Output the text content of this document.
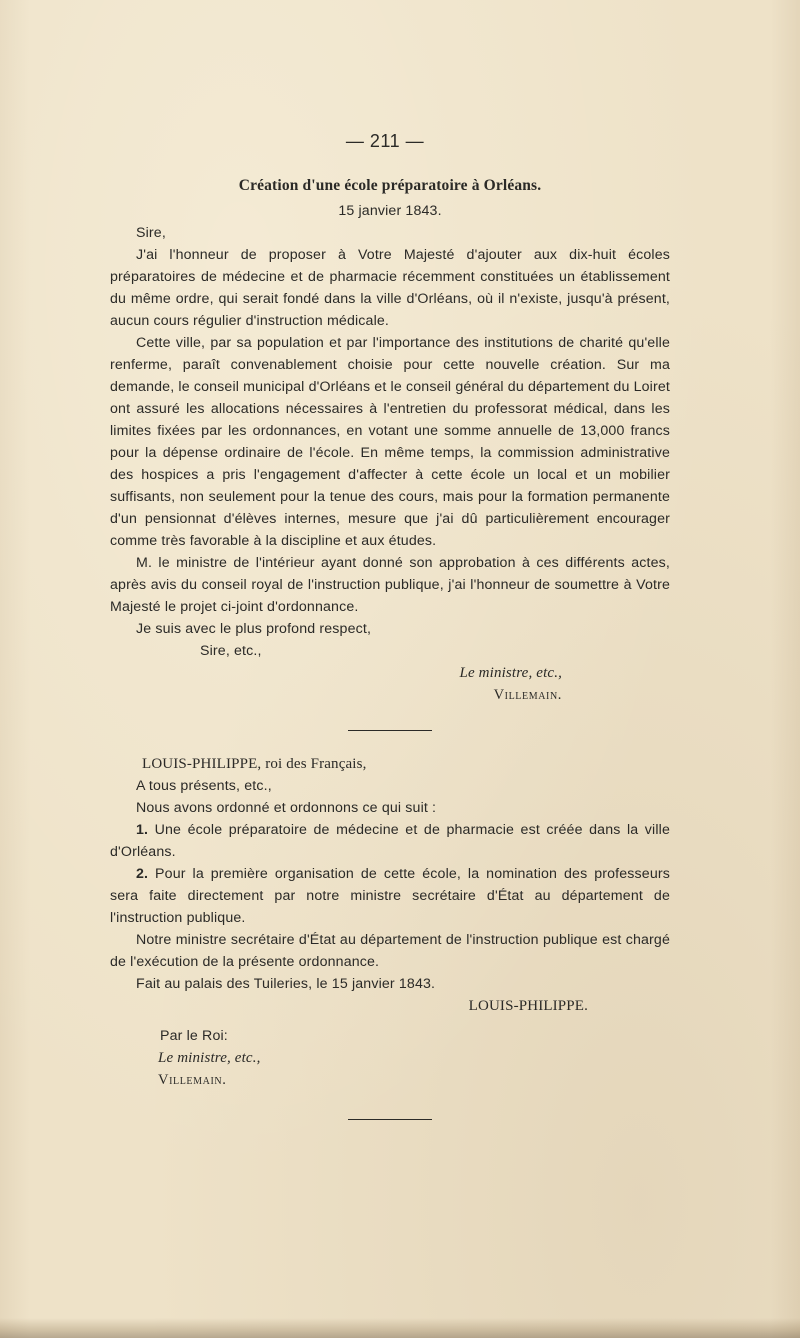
— 211 —
Création d'une école préparatoire à Orléans.
15 janvier 1843.

Sire,

J'ai l'honneur de proposer à Votre Majesté d'ajouter aux dix-huit écoles préparatoires de médecine et de pharmacie récemment constituées un établissement du même ordre, qui serait fondé dans la ville d'Orléans, où il n'existe, jusqu'à présent, aucun cours régulier d'instruction médicale.

Cette ville, par sa population et par l'importance des institutions de charité qu'elle renferme, paraît convenablement choisie pour cette nouvelle création. Sur ma demande, le conseil municipal d'Orléans et le conseil général du département du Loiret ont assuré les allocations nécessaires à l'entretien du professorat médical, dans les limites fixées par les ordonnances, en votant une somme annuelle de 13,000 francs pour la dépense ordinaire de l'école. En même temps, la commission administrative des hospices a pris l'engagement d'affecter à cette école un local et un mobilier suffisants, non seulement pour la tenue des cours, mais pour la formation permanente d'un pensionnat d'élèves internes, mesure que j'ai dû particulièrement encourager comme très favorable à la discipline et aux études.

M. le ministre de l'intérieur ayant donné son approbation à ces différents actes, après avis du conseil royal de l'instruction publique, j'ai l'honneur de soumettre à Votre Majesté le projet ci-joint d'ordonnance.

Je suis avec le plus profond respect,

Sire, etc.,

Le ministre, etc.,

Villemain.

LOUIS-PHILIPPE, roi des Français,

A tous présents, etc.,

Nous avons ordonné et ordonnons ce qui suit :

1. Une école préparatoire de médecine et de pharmacie est créée dans la ville d'Orléans.

2. Pour la première organisation de cette école, la nomination des professeurs sera faite directement par notre ministre secrétaire d'État au département de l'instruction publique.

Notre ministre secrétaire d'État au département de l'instruction publique est chargé de l'exécution de la présente ordonnance.

Fait au palais des Tuileries, le 15 janvier 1843.

LOUIS-PHILIPPE.

Par le Roi:

Le ministre, etc.,

Villemain.
